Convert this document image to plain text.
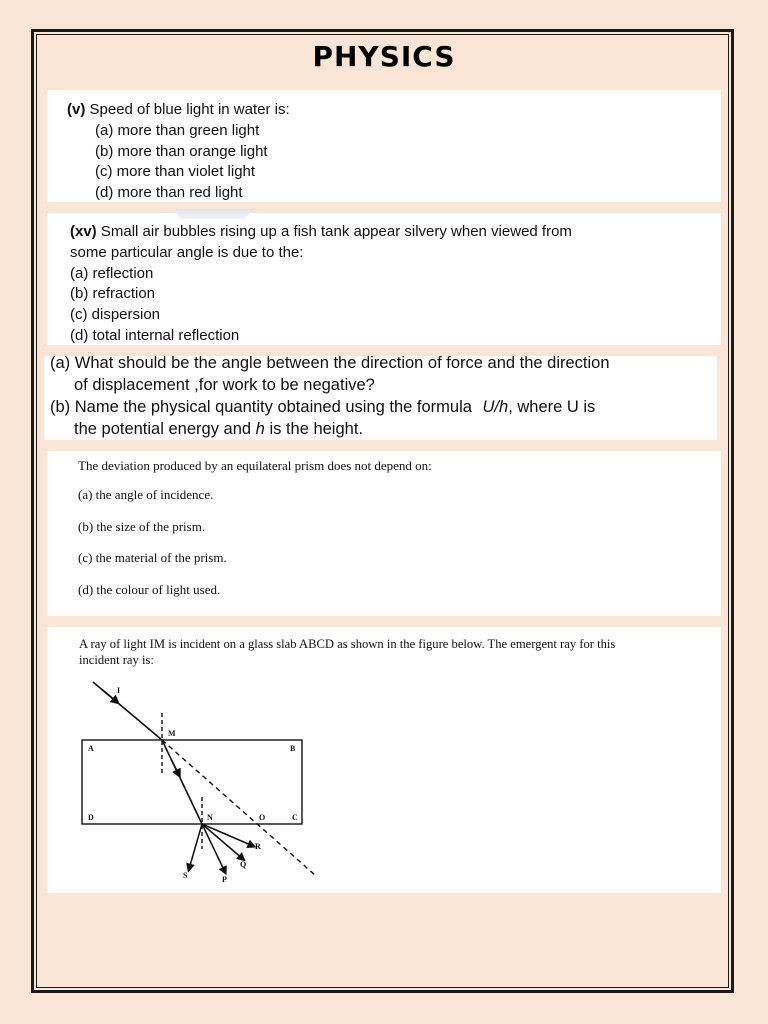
PHYSICS

(v) Speed of blue light in water is:

(a) more than green light

(b) more than orange light

(c) more than violet light

(d) more than red light

(xv) Small air bubbles rising up a fish tank appear silvery when viewed from

some particular angle is due to the:

(a) reflection

(b) refraction

(c) dispersion

(d) total internal reflection

(a) What should be the angle between the direction of force and the direction

of displacement ,for work to be negative?

(b) Name the physical quantity obtained using the formula U/h, where U is

the potential energy and h is the height.

The deviation produced by an equilateral prism does not depend on:

(a) the angle of incidence.

(b) the size of the prism.

(c) the material of the prism.

(d) the colour of light used.

A ray of light IM is incident on a glass slab ABCD as shown in the figure below. The emergent ray for this

incident ray is:

I
M
A	B
D	C
N	O
R
Q
P
S
